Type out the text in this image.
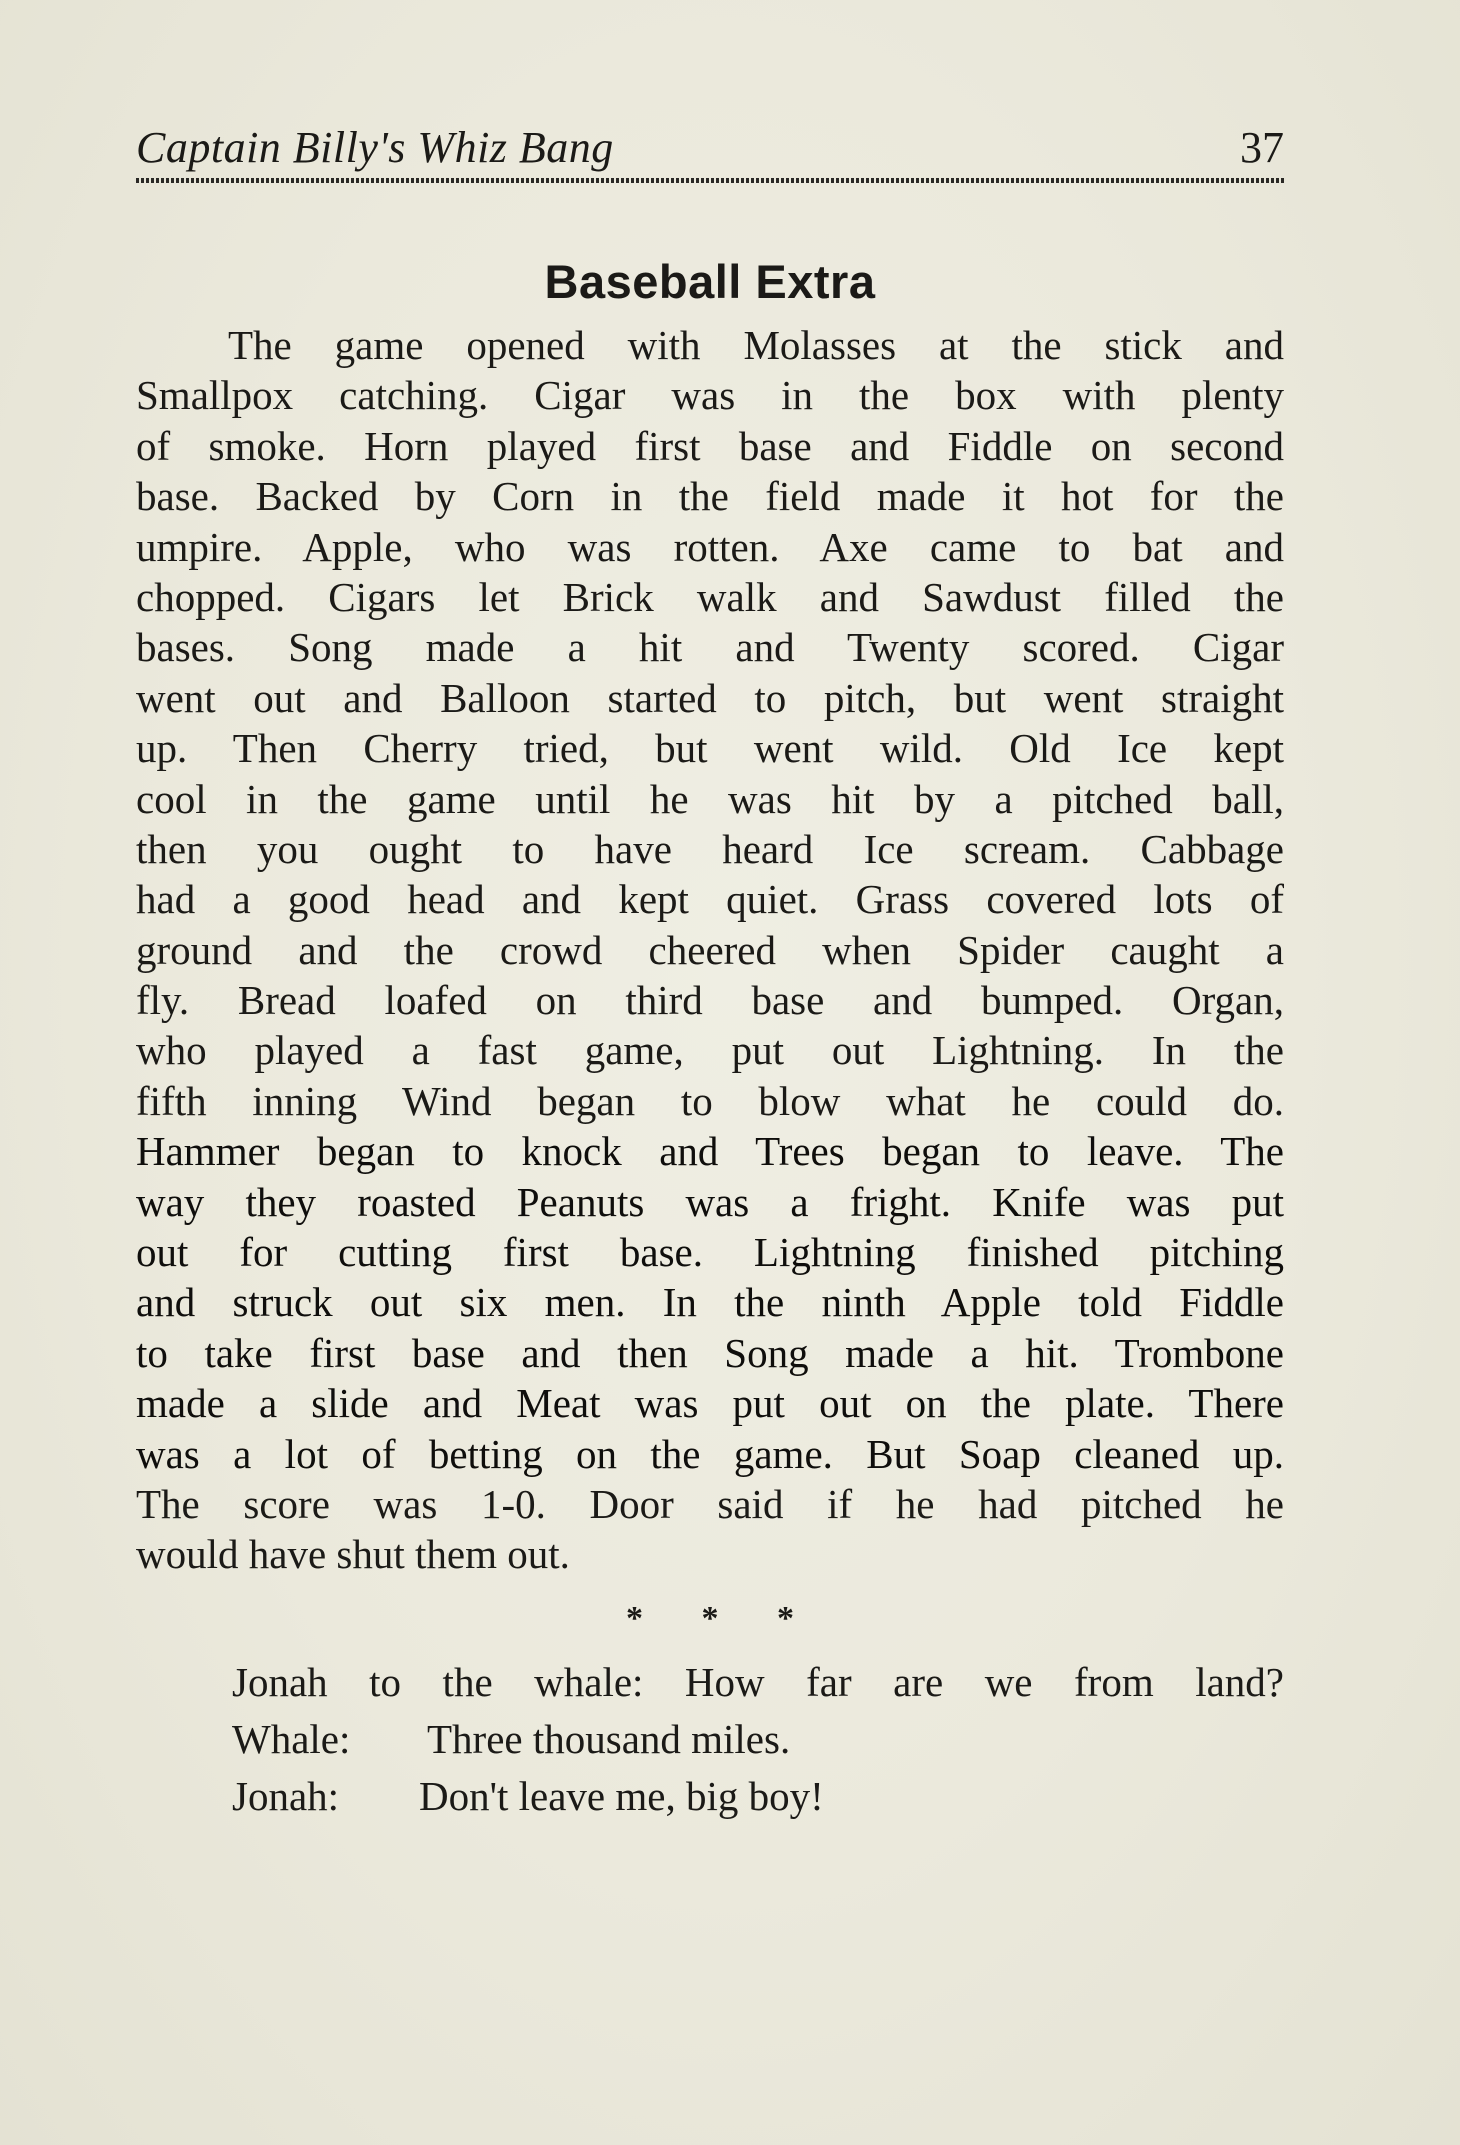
Captain Billy's Whiz Bang	37
Baseball Extra
The game opened with Molasses at the stick and
Smallpox catching. Cigar was in the box with plenty
of smoke. Horn played first base and Fiddle on second
base. Backed by Corn in the field made it hot for the
umpire. Apple, who was rotten. Axe came to bat and
chopped. Cigars let Brick walk and Sawdust filled the
bases. Song made a hit and Twenty scored. Cigar
went out and Balloon started to pitch, but went straight
up. Then Cherry tried, but went wild. Old Ice kept
cool in the game until he was hit by a pitched ball,
then you ought to have heard Ice scream. Cabbage
had a good head and kept quiet. Grass covered lots of
ground and the crowd cheered when Spider caught a
fly. Bread loafed on third base and bumped. Organ,
who played a fast game, put out Lightning. In the
fifth inning Wind began to blow what he could do.
Hammer began to knock and Trees began to leave. The
way they roasted Peanuts was a fright. Knife was put
out for cutting first base. Lightning finished pitching
and struck out six men. In the ninth Apple told Fiddle
to take first base and then Song made a hit. Trombone
made a slide and Meat was put out on the plate. There
was a lot of betting on the game. But Soap cleaned up.
The score was 1-0. Door said if he had pitched he
would have shut them out.
* * *
Jonah to the whale: How far are we from land?
Whale: Three thousand miles.
Jonah: Don't leave me, big boy!
